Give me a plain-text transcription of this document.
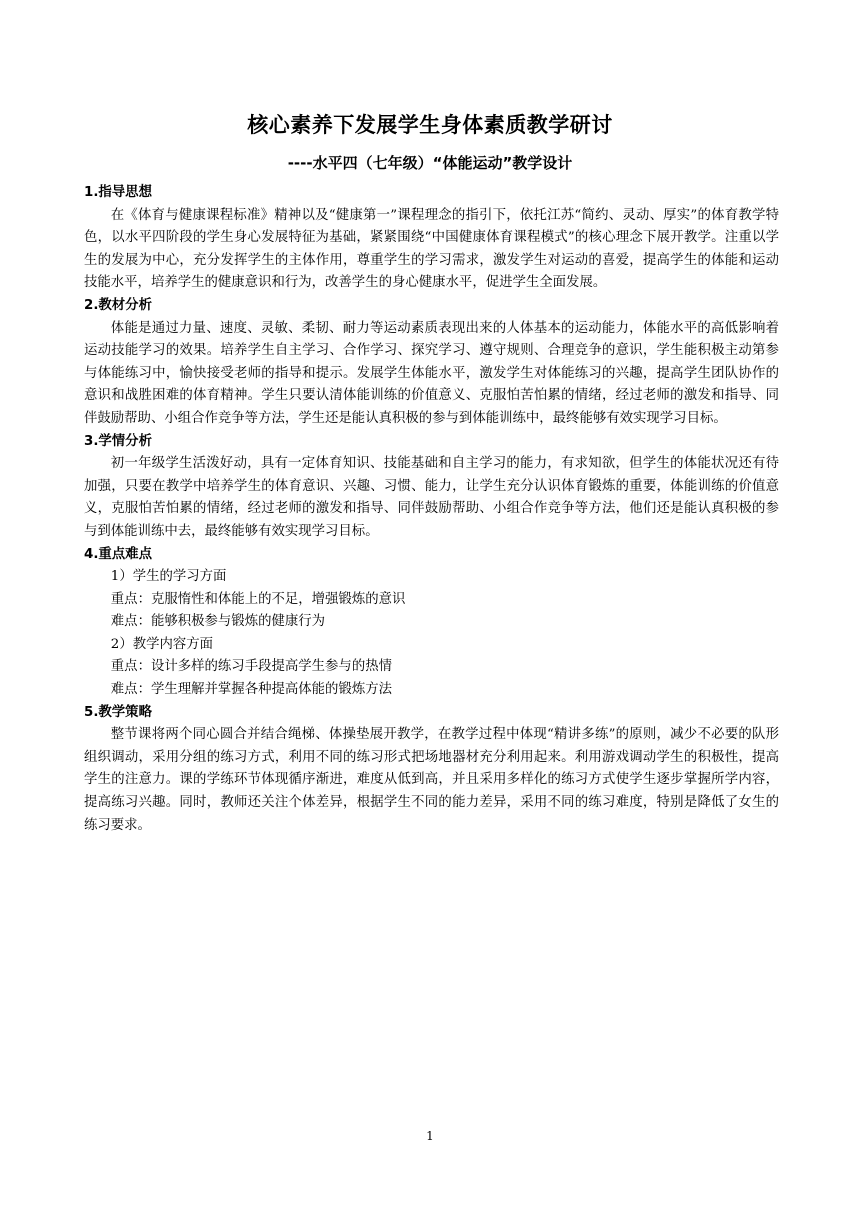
核心素养下发展学生身体素质教学研讨
----水平四（七年级）“体能运动”教学设计

1.指导思想

在《体育与健康课程标准》精神以及“健康第一”课程理念的指引下，依托江苏“简约、灵动、厚实”的体育教学特色，以水平四阶段的学生身心发展特征为基础，紧紧围绕“中国健康体育课程模式”的核心理念下展开教学。注重以学生的发展为中心，充分发挥学生的主体作用，尊重学生的学习需求，激发学生对运动的喜爱，提高学生的体能和运动技能水平，培养学生的健康意识和行为，改善学生的身心健康水平，促进学生全面发展。

2.教材分析

体能是通过力量、速度、灵敏、柔韧、耐力等运动素质表现出来的人体基本的运动能力，体能水平的高低影响着运动技能学习的效果。培养学生自主学习、合作学习、探究学习、遵守规则、合理竞争的意识，学生能积极主动第参与体能练习中，愉快接受老师的指导和提示。发展学生体能水平，激发学生对体能练习的兴趣，提高学生团队协作的意识和战胜困难的体育精神。学生只要认清体能训练的价值意义、克服怕苦怕累的情绪，经过老师的激发和指导、同伴鼓励帮助、小组合作竞争等方法，学生还是能认真积极的参与到体能训练中，最终能够有效实现学习目标。

3.学情分析

初一年级学生活泼好动，具有一定体育知识、技能基础和自主学习的能力，有求知欲，但学生的体能状况还有待加强，只要在教学中培养学生的体育意识、兴趣、习惯、能力，让学生充分认识体育锻炼的重要，体能训练的价值意义，克服怕苦怕累的情绪，经过老师的激发和指导、同伴鼓励帮助、小组合作竞争等方法，他们还是能认真积极的参与到体能训练中去，最终能够有效实现学习目标。

4.重点难点

1）学生的学习方面

重点：克服惰性和体能上的不足，增强锻炼的意识

难点：能够积极参与锻炼的健康行为

2）教学内容方面

重点：设计多样的练习手段提高学生参与的热情

难点：学生理解并掌握各种提高体能的锻炼方法

5.教学策略

整节课将两个同心圆合并结合绳梯、体操垫展开教学，在教学过程中体现“精讲多练”的原则，减少不必要的队形组织调动，采用分组的练习方式，利用不同的练习形式把场地器材充分利用起来。利用游戏调动学生的积极性，提高学生的注意力。课的学练环节体现循序渐进，难度从低到高，并且采用多样化的练习方式使学生逐步掌握所学内容，提高练习兴趣。同时，教师还关注个体差异，根据学生不同的能力差异，采用不同的练习难度，特别是降低了女生的练习要求。

1
